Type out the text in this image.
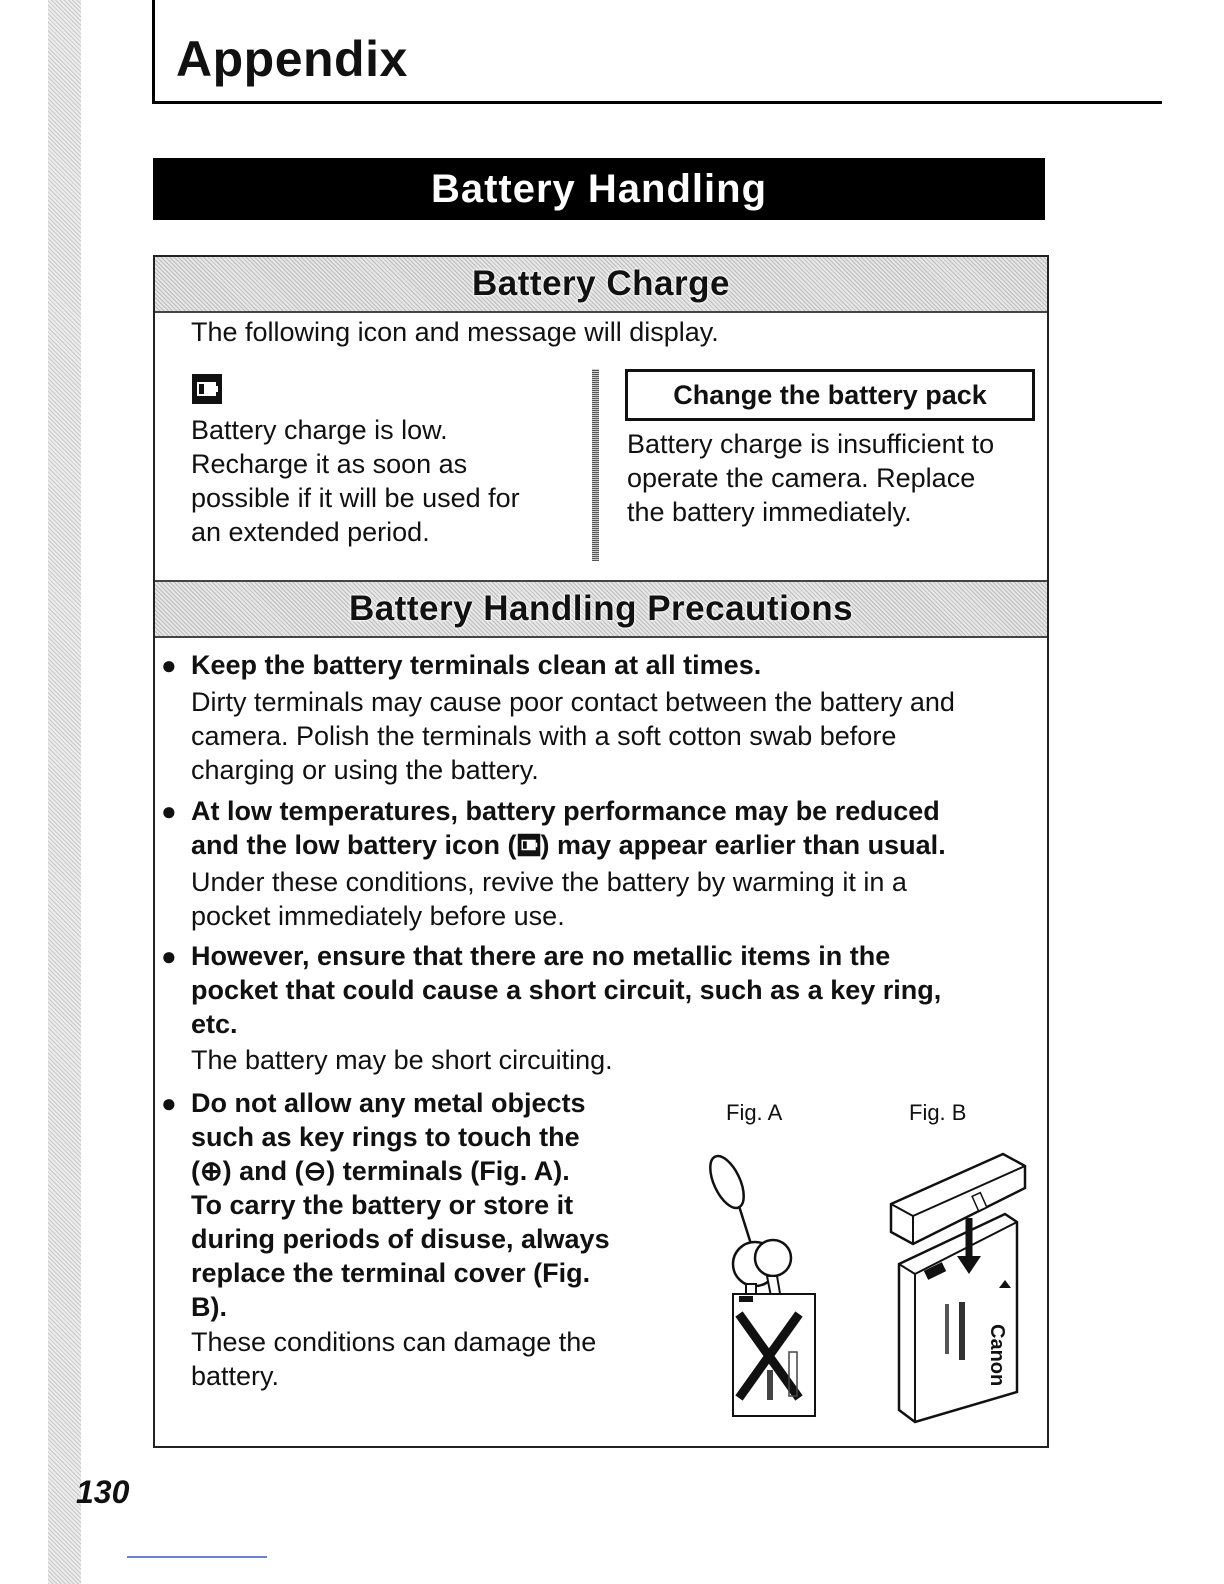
Appendix
Battery Handling
Battery Charge

The following icon and message will display.

Battery charge is low.
Recharge it as soon as
possible if it will be used for
an extended period.
Change the battery pack
Battery charge is insufficient to
operate the camera. Replace
the battery immediately.
Battery Handling Precautions
● Keep the battery terminals clean at all times.

Dirty terminals may cause poor contact between the battery and
camera. Polish the terminals with a soft cotton swab before
charging or using the battery.
● At low temperatures, battery performance may be reduced
and the low battery icon ( ) may appear earlier than usual.
Under these conditions, revive the battery by warming it in a
pocket immediately before use.
● However, ensure that there are no metallic items in the
pocket that could cause a short circuit, such as a key ring,
etc.
The battery may be short circuiting.
● Do not allow any metal objects
such as key rings to touch the
(⊕) and (⊖) terminals (Fig. A).
To carry the battery or store it
during periods of disuse, always
replace the terminal cover (Fig.
B).
These conditions can damage the
battery.
Fig. A	Fig. B
Canon
130
